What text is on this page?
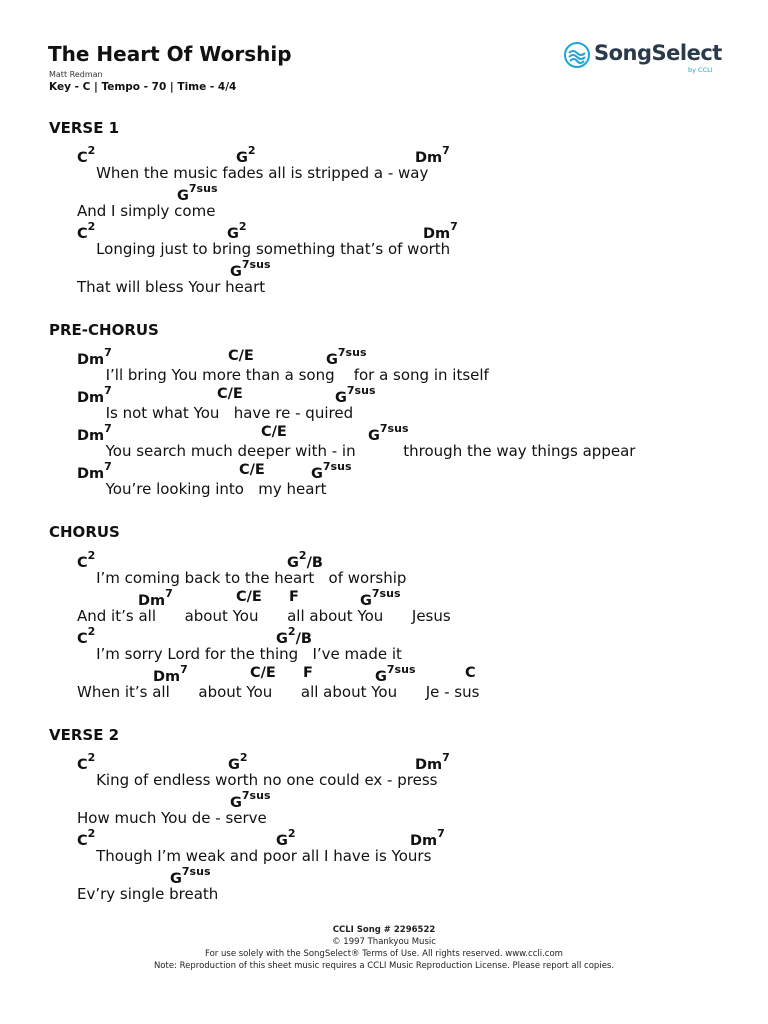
The Heart Of Worship
Matt Redman
Key - C | Tempo - 70 | Time - 4/4
SongSelect
by CCLI
VERSE 1
PRE-CHORUS
CHORUS
VERSE 2
$C^2$	$G^2$	Dm$^7$
When the music fades all is stripped a - way
$G^{7sus}$
And I simply come
$C^2$	$G^2$	Dm$^7$
Longing just to bring something that’s of worth
$G^{7sus}$
That will bless Your heart
Dm$^7$	C/E	$G^{7sus}$
I’ll bring You more than a song    for a song in itself
Dm$^7$	C/E	$G^{7sus}$
Is not what You   have re - quired
Dm$^7$	C/E	$G^{7sus}$
You search much deeper with - in          through the way things appear
Dm$^7$	C/E	$G^{7sus}$
You’re looking into   my heart
$C^2$	$G^2/B$
I’m coming back to the heart   of worship
Dm$^7$	C/E F	$G^{7sus}$
And it’s all      about You      all about You      Jesus
$C^2$	$G^2/B$
I’m sorry Lord for the thing   I’ve made it
Dm$^7$	C/E F	$G^{7sus}$	C
When it’s all      about You      all about You      Je - sus
$C^2$	$G^2$	Dm$^7$
King of endless worth no one could ex - press
$G^{7sus}$
How much You de - serve
$C^2$	$G^2$	Dm$^7$
Though I’m weak and poor all I have is Yours
$G^{7sus}$
Ev’ry single breath
CCLI Song # 2296522
© 1997 Thankyou Music
For use solely with the SongSelect® Terms of Use. All rights reserved. www.ccli.com
Note: Reproduction of this sheet music requires a CCLI Music Reproduction License. Please report all copies.
